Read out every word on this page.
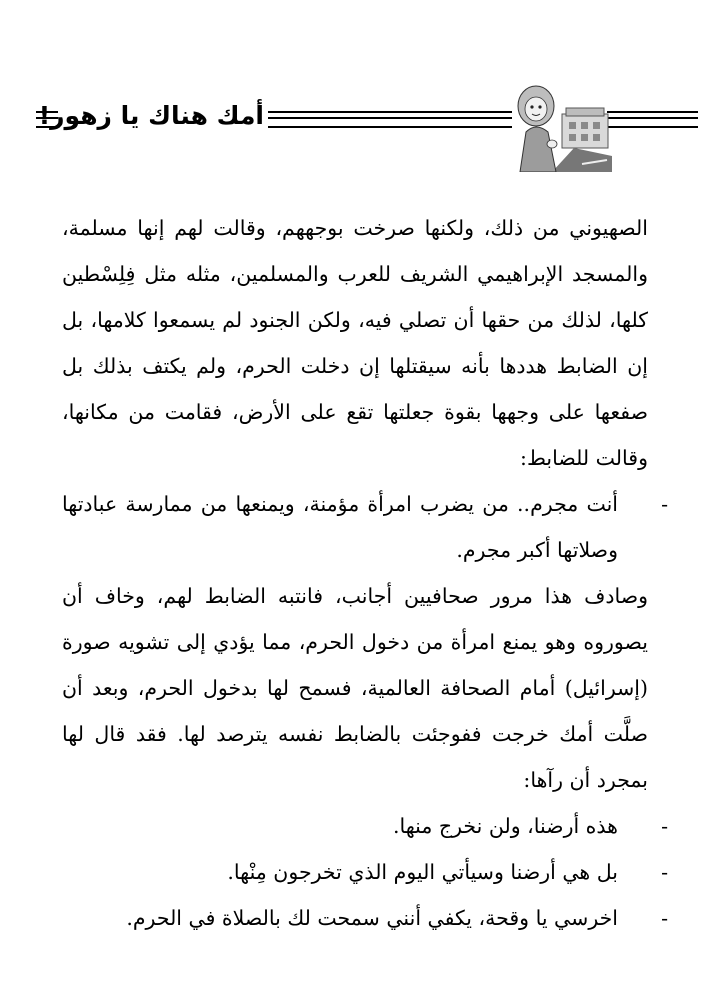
أمك هناك يا زهور!

الصهيوني من ذلك، ولكنها صرخت بوجههم، وقالت لهم إنها مسلمة، والمسجد الإبراهيمي الشريف للعرب والمسلمين، مثله مثل فِلِسْطين كلها، لذلك من حقها أن تصلي فيه، ولكن الجنود لم يسمعوا كلامها، بل إن الضابط هددها بأنه سيقتلها إن دخلت الحرم، ولم يكتف بذلك بل صفعها على وجهها بقوة جعلتها تقع على الأرض، فقامت من مكانها، وقالت للضابط:

-
أنت مجرم.. من يضرب امرأة مؤمنة، ويمنعها من ممارسة عبادتها وصلاتها أكبر مجرم.

وصادف هذا مرور صحافيين أجانب، فانتبه الضابط لهم، وخاف أن يصوروه وهو يمنع امرأة من دخول الحرم، مما يؤدي إلى تشويه صورة (إسرائيل) أمام الصحافة العالمية، فسمح لها بدخول الحرم، وبعد أن صلَّت أمك خرجت ففوجئت بالضابط نفسه يترصد لها. فقد قال لها بمجرد أن رآها:

-
هذه أرضنا، ولن نخرج منها.

-
بل هي أرضنا وسيأتي اليوم الذي تخرجون مِنْها.

-
اخرسي يا وقحة، يكفي أنني سمحت لك بالصلاة في الحرم.
